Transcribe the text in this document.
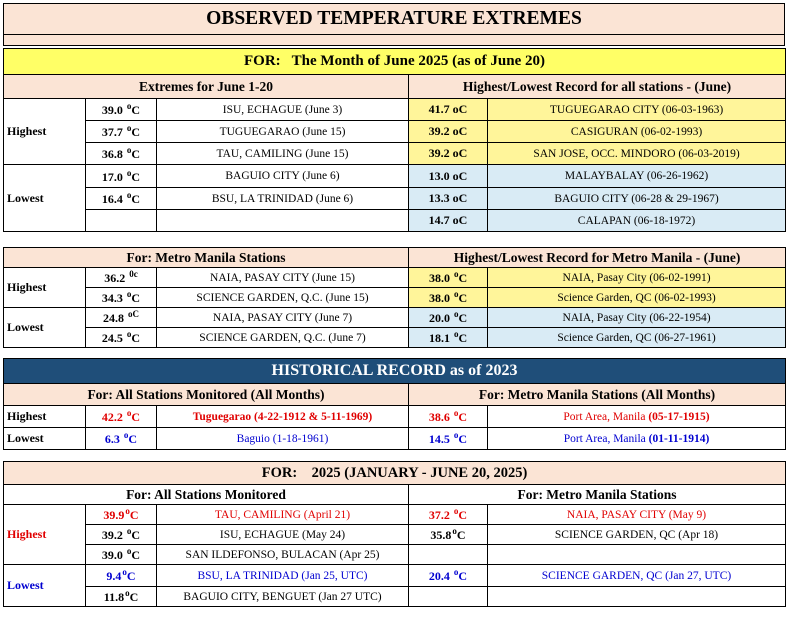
OBSERVED TEMPERATURE EXTREMES

FOR: The Month of June 2025 (as of June 20)				
Extremes for June 1-20			Highest/Lowest Record for all stations - (June)	
Highest	39.0 $^o$C	ISU, ECHAGUE (June 3)	41.7 oC	TUGUEGARAO CITY (06-03-1963)
	37.7 $^o$C	TUGUEGARAO (June 15)	39.2 oC	CASIGURAN (06-02-1993)
	36.8 $^o$C	TAU, CAMILING (June 15)	39.2 oC	SAN JOSE, OCC. MINDORO (06-03-2019)
Lowest	17.0 $^o$C	BAGUIO CITY (June 6)	13.0 oC	MALAYBALAY (06-26-1962)
	16.4 $^o$C	BSU, LA TRINIDAD (June 6)	13.3 oC	BAGUIO CITY (06-28 & 29-1967)
			14.7 oC	CALAPAN (06-18-1972)
For: Metro Manila Stations			Highest/Lowest Record for Metro Manila - (June)	
Highest	36.2 $^{0c}$	NAIA, PASAY CITY (June 15)	38.0 $^o$C	NAIA, Pasay City (06-02-1991)
	34.3 $^o$C	SCIENCE GARDEN, Q.C. (June 15)	38.0 $^o$C	Science Garden, QC (06-02-1993)
Lowest	24.8 $^{oC}$	NAIA, PASAY CITY (June 7)	20.0 $^o$C	NAIA, Pasay City (06-22-1954)
	24.5 $^o$C	SCIENCE GARDEN, Q.C. (June 7)	18.1 $^o$C	Science Garden, QC (06-27-1961)
HISTORICAL RECORD as of 2023				
For: All Stations Monitored (All Months)			For: Metro Manila Stations (All Months)	
Highest	42.2 $^o$C	Tuguegarao (4-22-1912 & 5-11-1969)	38.6 $^o$C	Port Area, Manila (05-17-1915)
Lowest	6.3 $^o$C	Baguio (1-18-1961)	14.5 $^o$C	Port Area, Manila (01-11-1914)
FOR: 2025 (JANUARY - JUNE 20, 2025)				
For: All Stations Monitored			For: Metro Manila Stations	
Highest	39.9$^o$C	TAU, CAMILING (April 21)	37.2 $^o$C	NAIA, PASAY CITY (May 9)
	39.2 $^o$C	ISU, ECHAGUE (May 24)	35.8$^o$C	SCIENCE GARDEN, QC (Apr 18)
	39.0 $^o$C	SAN ILDEFONSO, BULACAN (Apr 25)		
Lowest	9.4$^o$C	BSU, LA TRINIDAD (Jan 25, UTC)	20.4 $^o$C	SCIENCE GARDEN, QC (Jan 27, UTC)
	11.8$^o$C	BAGUIO CITY, BENGUET (Jan 27 UTC)		
